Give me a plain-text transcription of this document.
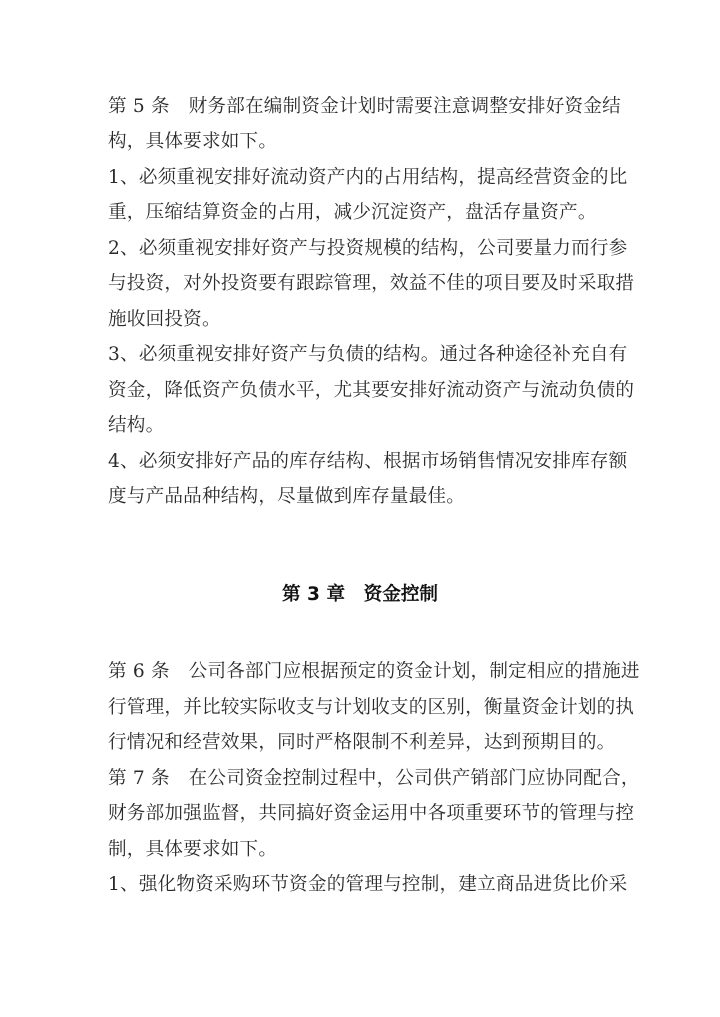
第 5 条　财务部在编制资金计划时需要注意调整安排好资金结
构，具体要求如下。
1、必须重视安排好流动资产内的占用结构，提高经营资金的比
重，压缩结算资金的占用，减少沉淀资产，盘活存量资产。
2、必须重视安排好资产与投资规模的结构，公司要量力而行参
与投资，对外投资要有跟踪管理，效益不佳的项目要及时采取措
施收回投资。
3、必须重视安排好资产与负债的结构。通过各种途径补充自有
资金，降低资产负债水平，尤其要安排好流动资产与流动负债的
结构。
4、必须安排好产品的库存结构、根据市场销售情况安排库存额
度与产品品种结构，尽量做到库存量最佳。
第 3 章　资金控制
第 6 条　公司各部门应根据预定的资金计划，制定相应的措施进
行管理，并比较实际收支与计划收支的区别，衡量资金计划的执
行情况和经营效果，同时严格限制不利差异，达到预期目的。
第 7 条　在公司资金控制过程中，公司供产销部门应协同配合，
财务部加强监督，共同搞好资金运用中各项重要环节的管理与控
制，具体要求如下。
1、强化物资采购环节资金的管理与控制，建立商品进货比价采
